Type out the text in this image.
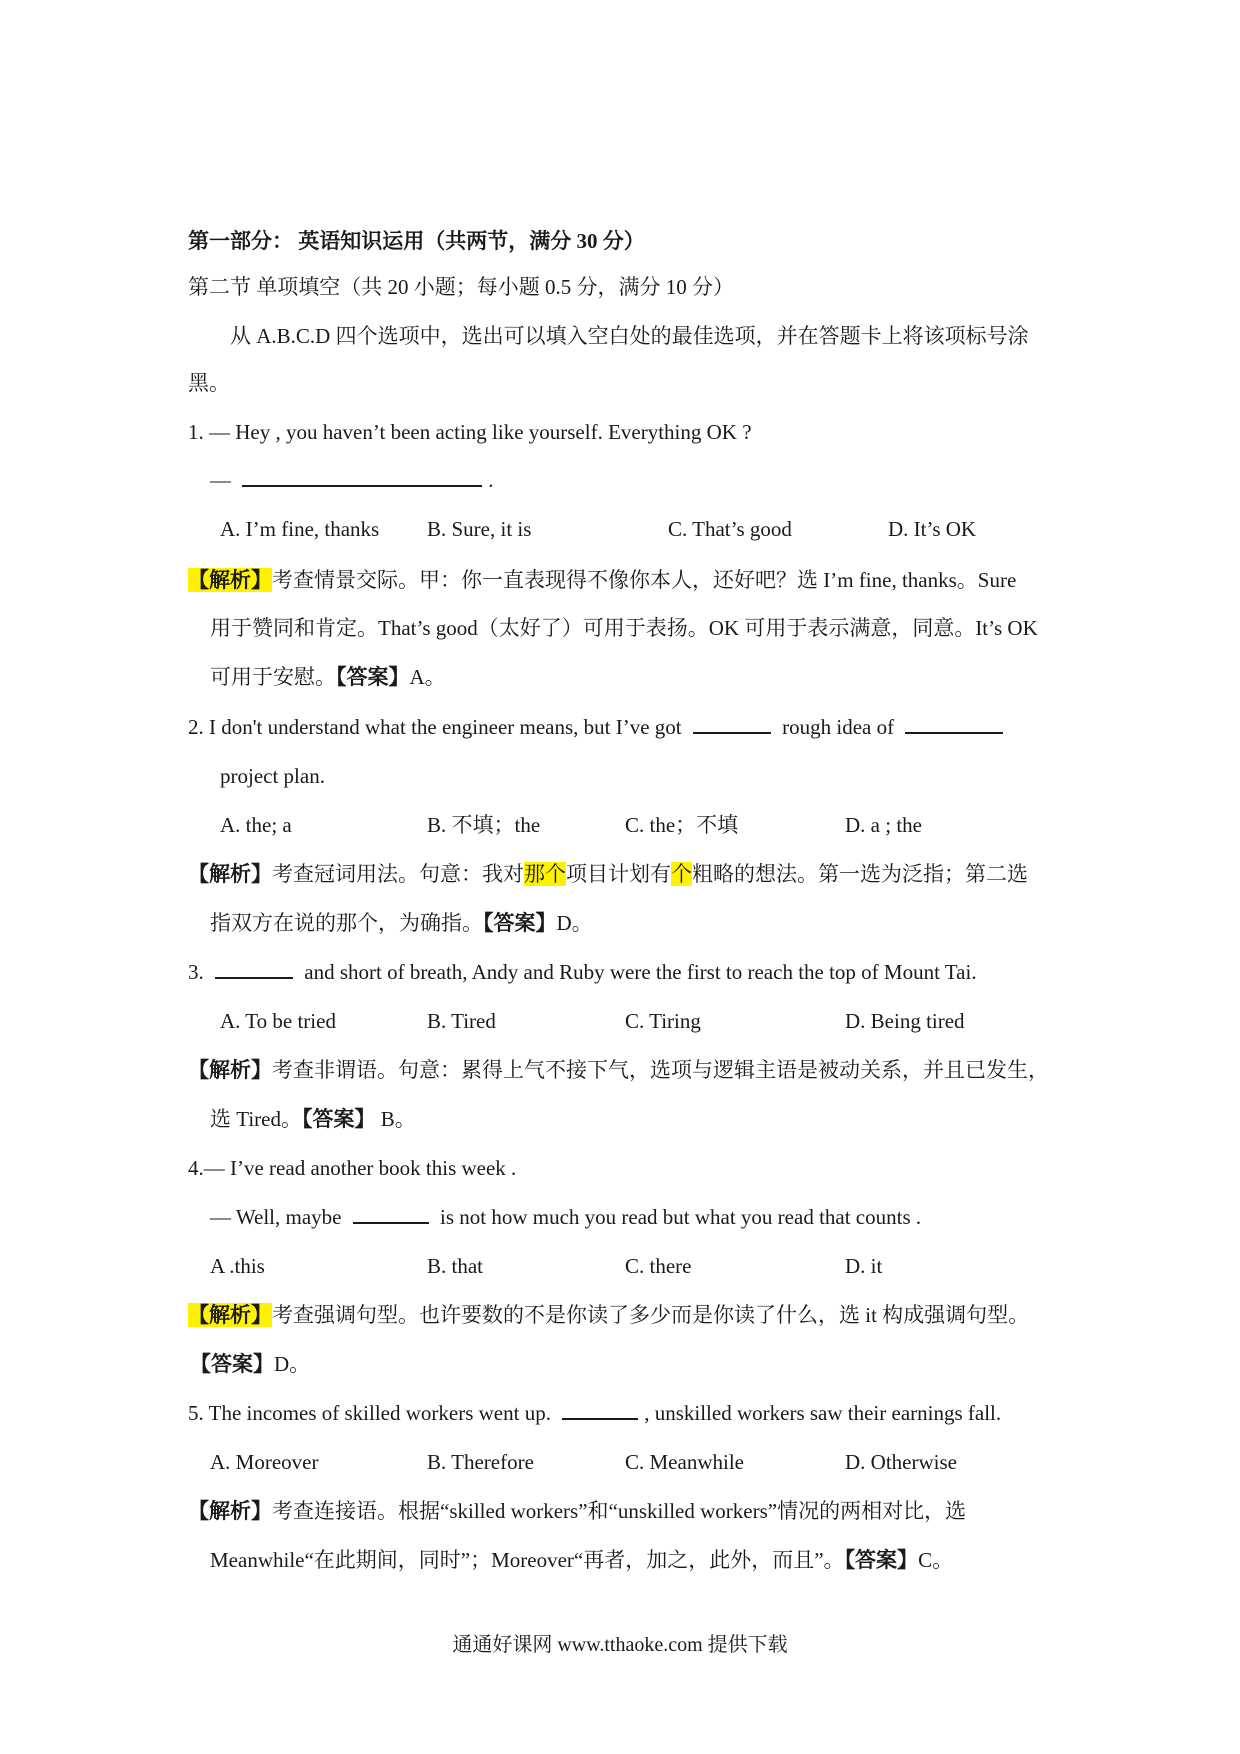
第一部分： 英语知识运用（共两节，满分 30 分）
第二节 单项填空（共 20 小题；每小题 0.5 分，满分 10 分）
从 A.B.C.D 四个选项中，选出可以填入空白处的最佳选项，并在答题卡上将该项标号涂
黑。
1. — Hey , you haven’t been acting like yourself. Everything OK ?
—	.
A. I’m fine, thanks B. Sure, it is	C. That’s good	D. It’s OK
【解析】考查情景交际。甲：你一直表现得不像你本人，还好吧？选 I’m fine, thanks。Sure
用于赞同和肯定。That’s good（太好了）可用于表扬。OK 可用于表示满意，同意。It’s OK
可用于安慰。【答案】A。
2. I don't understand what the engineer means, but I’ve got	rough idea of
project plan.
A. the; a	B. 不填；the	C. the；不填	D. a ; the
【解析】考查冠词用法。句意：我对那个项目计划有个粗略的想法。第一选为泛指；第二选
指双方在说的那个，为确指。【答案】D。
3.	and short of breath, Andy and Ruby were the first to reach the top of Mount Tai.
A. To be tried	B. Tired	C. Tiring	D. Being tired
【解析】考查非谓语。句意：累得上气不接下气，选项与逻辑主语是被动关系，并且已发生，
选 Tired。【答案】 B。
4.— I’ve read another book this week .
— Well, maybe	is not how much you read but what you read that counts .
A .this	B. that	C. there	D. it
【解析】考查强调句型。也许要数的不是你读了多少而是你读了什么，选 it 构成强调句型。
【答案】D。
5. The incomes of skilled workers went up.	, unskilled workers saw their earnings fall.
A. Moreover	B. Therefore	C. Meanwhile	D. Otherwise
【解析】考查连接语。根据“skilled workers”和“unskilled workers”情况的两相对比，选
Meanwhile“在此期间，同时”；Moreover“再者，加之，此外，而且”。【答案】C。
通通好课网 www.tthaoke.com 提供下载
